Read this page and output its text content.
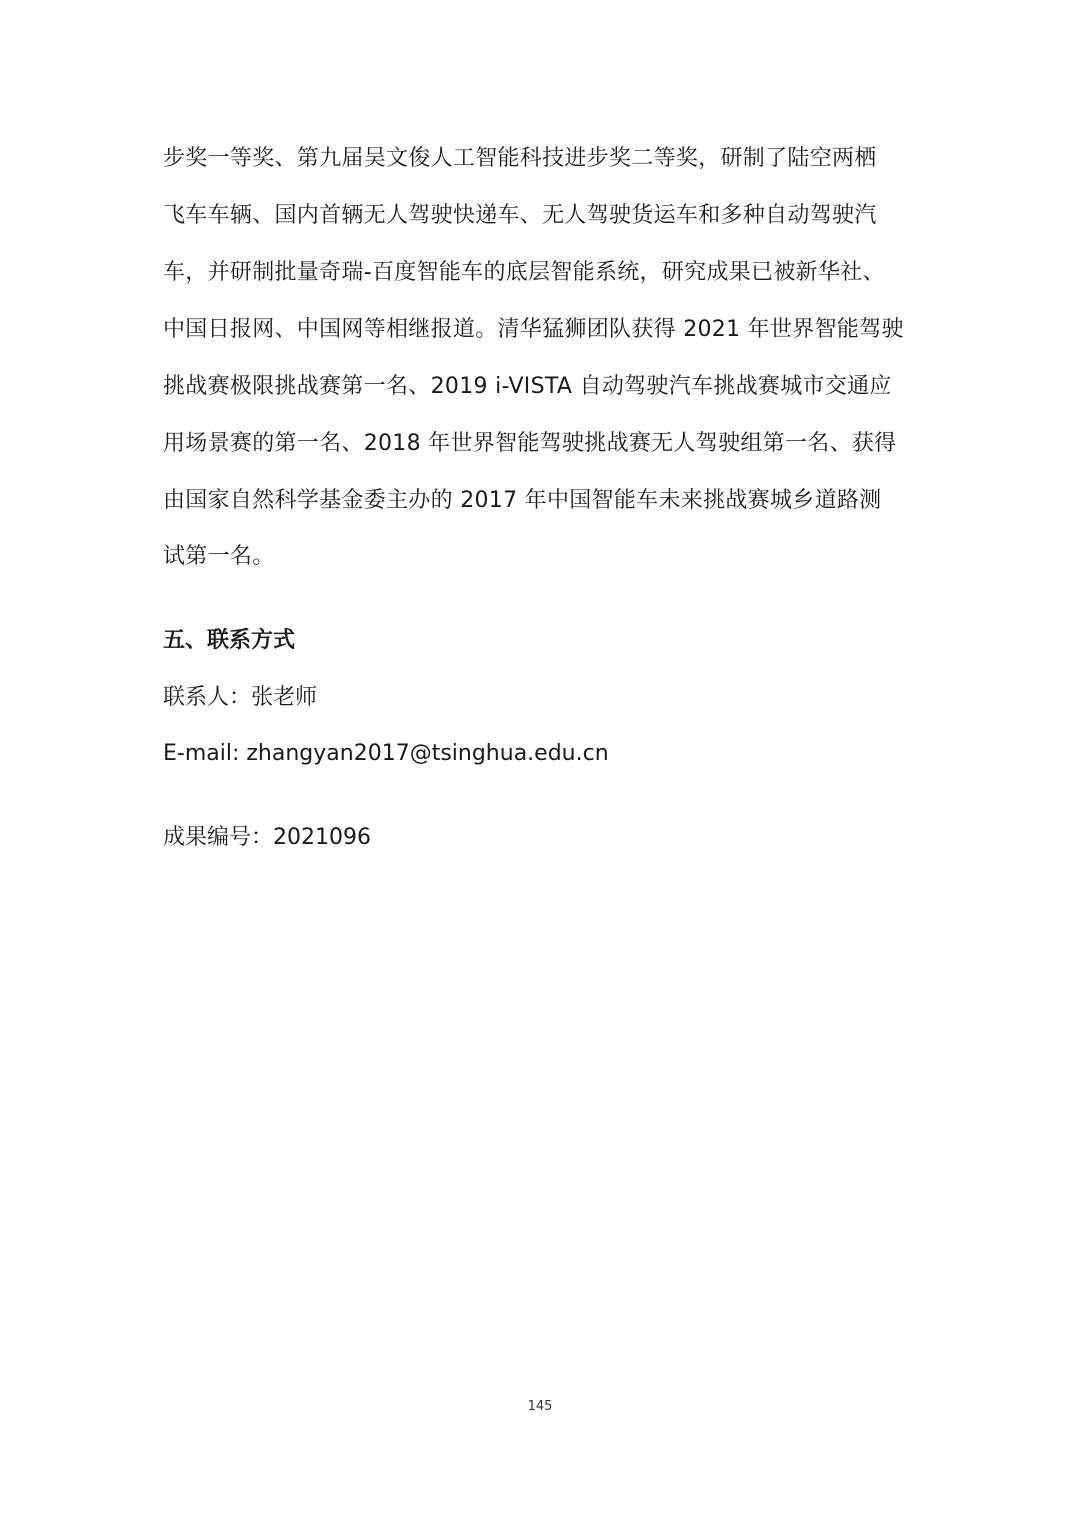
步奖一等奖、第九届吴文俊人工智能科技进步奖二等奖，研制了陆空两栖
飞车车辆、国内首辆无人驾驶快递车、无人驾驶货运车和多种自动驾驶汽
车，并研制批量奇瑞-百度智能车的底层智能系统，研究成果已被新华社、
中国日报网、中国网等相继报道。清华猛狮团队获得 2021 年世界智能驾驶
挑战赛极限挑战赛第一名、2019 i-VISTA 自动驾驶汽车挑战赛城市交通应
用场景赛的第一名、2018 年世界智能驾驶挑战赛无人驾驶组第一名、获得
由国家自然科学基金委主办的 2017 年中国智能车未来挑战赛城乡道路测
试第一名。
五、联系方式
联系人：张老师
E-mail: zhangyan2017@tsinghua.edu.cn
成果编号：2021096
145
